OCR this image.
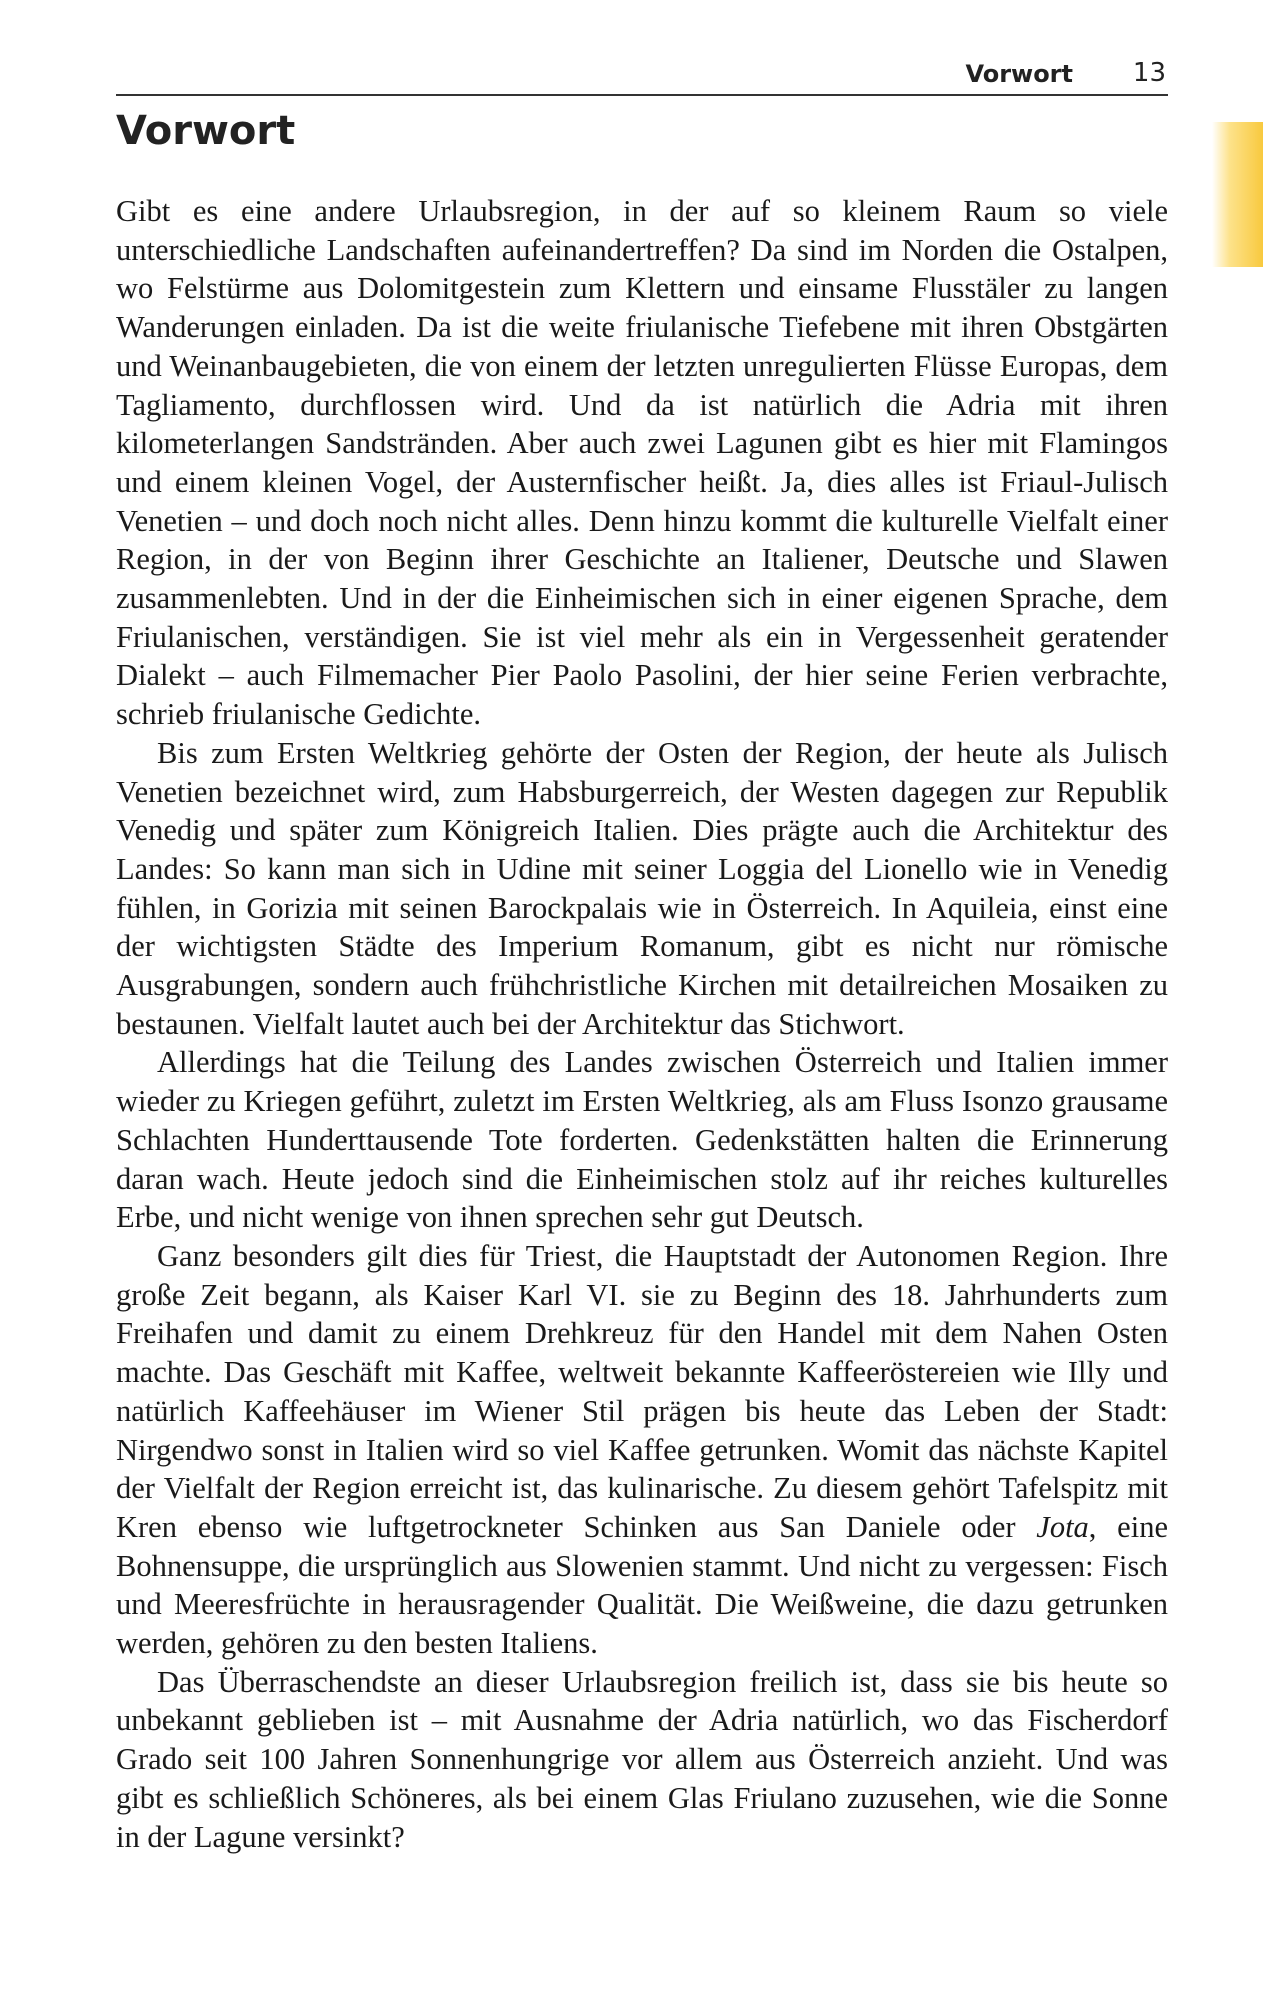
Vorwort 13
Vorwort

Gibt es eine andere Urlaubsregion, in der auf so kleinem Raum so viele unterschiedliche Landschaften aufeinandertreffen? Da sind im Norden die Ostalpen, wo Felstürme aus Dolomitgestein zum Klettern und einsame Flusstäler zu langen Wanderungen einladen. Da ist die weite friulanische Tiefebene mit ihren Obstgärten und Weinanbaugebieten, die von einem der letzten unregulierten Flüsse Europas, dem Tagliamento, durchflossen wird. Und da ist natürlich die Adria mit ihren kilometerlangen Sandstränden. Aber auch zwei Lagunen gibt es hier mit Flamingos und einem kleinen Vogel, der Austernfischer heißt. Ja, dies alles ist Friaul-Julisch Venetien – und doch noch nicht alles. Denn hinzu kommt die kulturelle Vielfalt einer Region, in der von Beginn ihrer Geschichte an Italiener, Deutsche und Slawen zusammenlebten. Und in der die Einheimischen sich in einer eigenen Sprache, dem Friulanischen, verständigen. Sie ist viel mehr als ein in Vergessenheit geratender Dialekt – auch Filmemacher Pier Paolo Pasolini, der hier seine Ferien verbrachte, schrieb friulanische Gedichte.

Bis zum Ersten Weltkrieg gehörte der Osten der Region, der heute als Julisch Venetien bezeichnet wird, zum Habsburgerreich, der Westen dagegen zur Republik Venedig und später zum Königreich Italien. Dies prägte auch die Architektur des Landes: So kann man sich in Udine mit seiner Loggia del Lionello wie in Venedig fühlen, in Gorizia mit seinen Barockpalais wie in Österreich. In Aquileia, einst eine der wichtigsten Städte des Imperium Romanum, gibt es nicht nur römische Ausgrabungen, sondern auch frühchristliche Kirchen mit detailreichen Mosaiken zu bestaunen. Vielfalt lautet auch bei der Architektur das Stichwort.

Allerdings hat die Teilung des Landes zwischen Österreich und Italien immer wieder zu Kriegen geführt, zuletzt im Ersten Weltkrieg, als am Fluss Isonzo grausame Schlachten Hunderttausende Tote forderten. Gedenkstätten halten die Erinnerung daran wach. Heute jedoch sind die Einheimischen stolz auf ihr reiches kulturelles Erbe, und nicht wenige von ihnen sprechen sehr gut Deutsch.

Ganz besonders gilt dies für Triest, die Hauptstadt der Autonomen Region. Ihre große Zeit begann, als Kaiser Karl VI. sie zu Beginn des 18. Jahrhunderts zum Freihafen und damit zu einem Drehkreuz für den Handel mit dem Nahen Osten machte. Das Geschäft mit Kaffee, weltweit bekannte Kaffeeröstereien wie Illy und natürlich Kaffeehäuser im Wiener Stil prägen bis heute das Leben der Stadt: Nirgendwo sonst in Italien wird so viel Kaffee getrunken. Womit das nächste Kapitel der Vielfalt der Region erreicht ist, das kulinarische. Zu diesem gehört Tafelspitz mit Kren ebenso wie luftgetrockneter Schinken aus San Daniele oder Jota, eine Bohnensuppe, die ursprünglich aus Slowenien stammt. Und nicht zu vergessen: Fisch und Meeresfrüchte in herausragender Qualität. Die Weißweine, die dazu getrunken werden, gehören zu den besten Italiens.

Das Überraschendste an dieser Urlaubsregion freilich ist, dass sie bis heute so unbekannt geblieben ist – mit Ausnahme der Adria natürlich, wo das Fischerdorf Grado seit 100 Jahren Sonnenhungrige vor allem aus Österreich anzieht. Und was gibt es schließlich Schöneres, als bei einem Glas Friulano zuzusehen, wie die Sonne in der Lagune versinkt?
